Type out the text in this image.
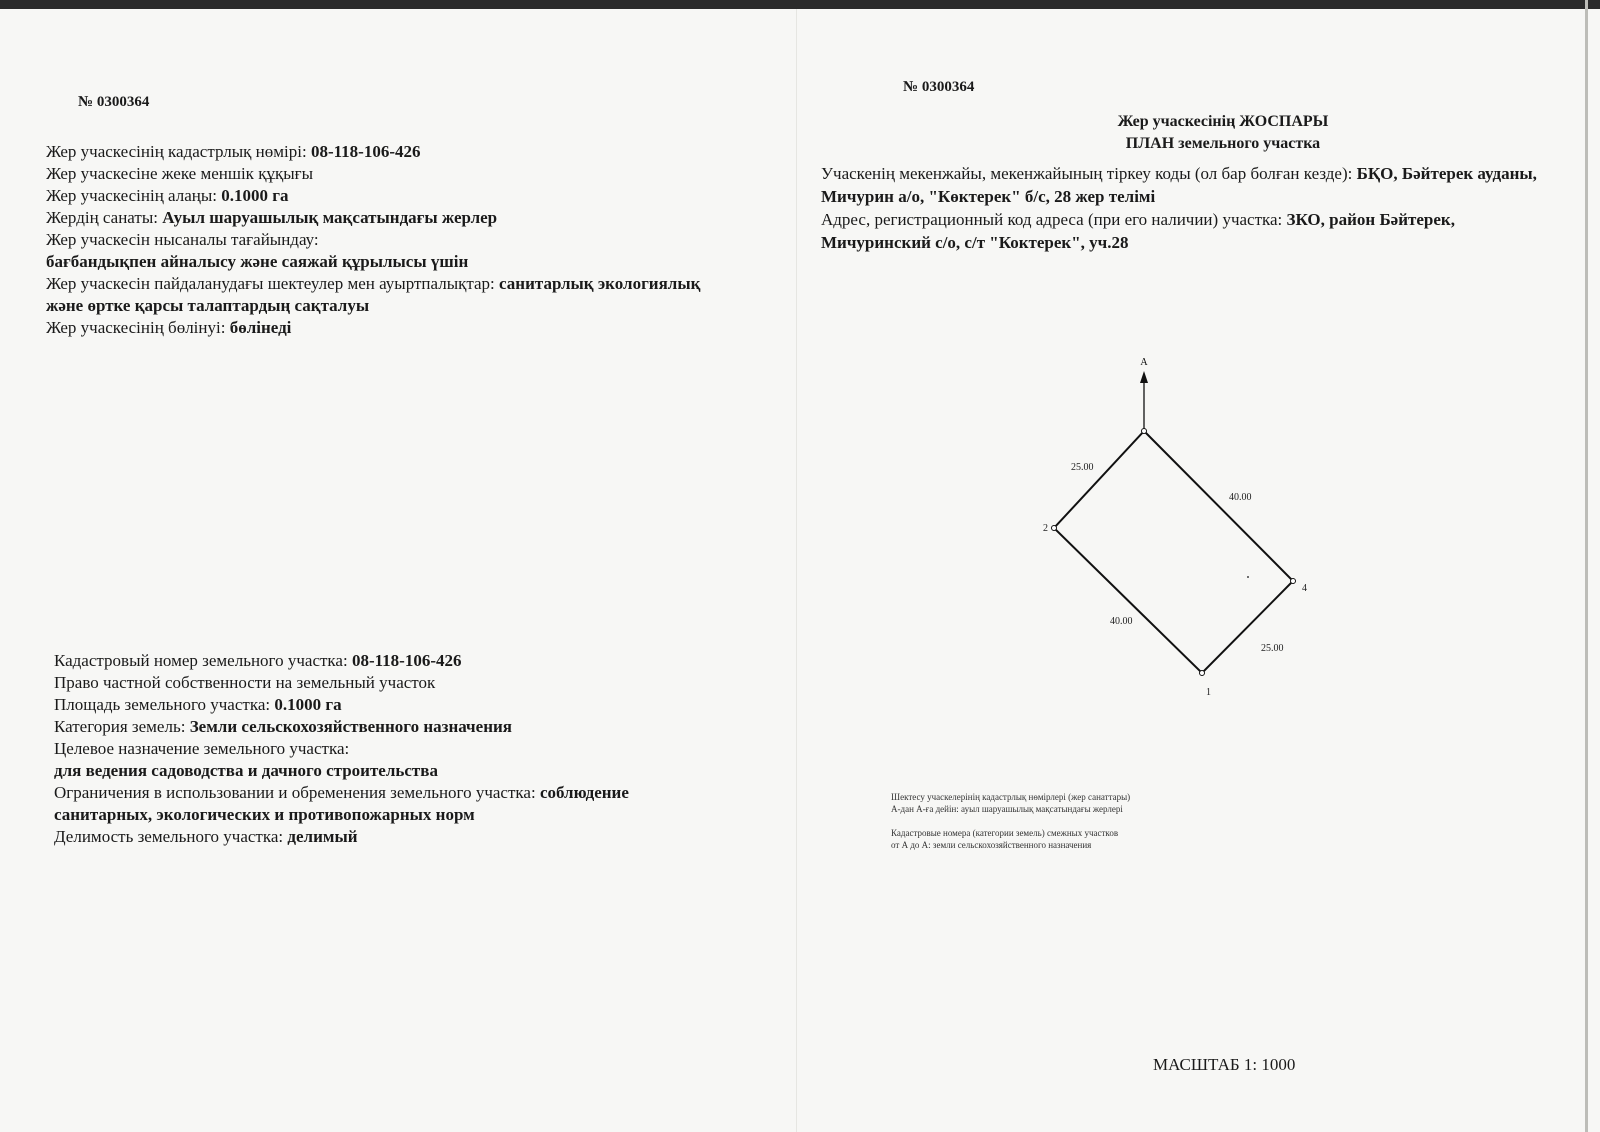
№ 0300364
Жер учаскесінің кадастрлық нөмірі: 08-118-106-426
Жер учаскесіне жеке меншік құқығы
Жер учаскесінің алаңы: 0.1000 га
Жердің санаты: Ауыл шаруашылық мақсатындағы жерлер
Жер учаскесін нысаналы тағайындау:
бағбандықпен айналысу және саяжай құрылысы үшін
Жер учаскесін пайдаланудағы шектеулер мен ауыртпалықтар: санитарлық экологиялық
және өртке қарсы талаптардың сақталуы
Жер учаскесінің бөлінуі: бөлінеді
Кадастровый номер земельного участка: 08-118-106-426
Право частной собственности на земельный участок
Площадь земельного участка: 0.1000 га
Категория земель: Земли сельскохозяйственного назначения
Целевое назначение земельного участка:
для ведения садоводства и дачного строительства
Ограничения в использовании и обременения земельного участка: соблюдение
санитарных, экологических и противопожарных норм
Делимость земельного участка: делимый
№ 0300364
Жер учаскесінің ЖОСПАРЫ
ПЛАН земельного участка
Учаскенің мекенжайы, мекенжайының тіркеу коды (ол бар болған кезде): БҚО, Бәйтерек ауданы, Мичурин а/о, "Көктерек" б/с, 28 жер телімі
Адрес, регистрационный код адреса (при его наличии) участка: ЗКО, район Бәйтерек, Мичуринский с/о, с/т "Коктерек", уч.28
А
2
4
1
25.00
40.00
40.00
25.00
Шектесу учаскелерінің кадастрлық нөмірлері (жер санаттары)
А-дан А-ға дейін: ауыл шаруашылық мақсатындағы жерлері
Кадастровые номера (категории земель) смежных участков
от А до А: земли сельскохозяйственного назначения
МАСШТАБ 1: 1000
